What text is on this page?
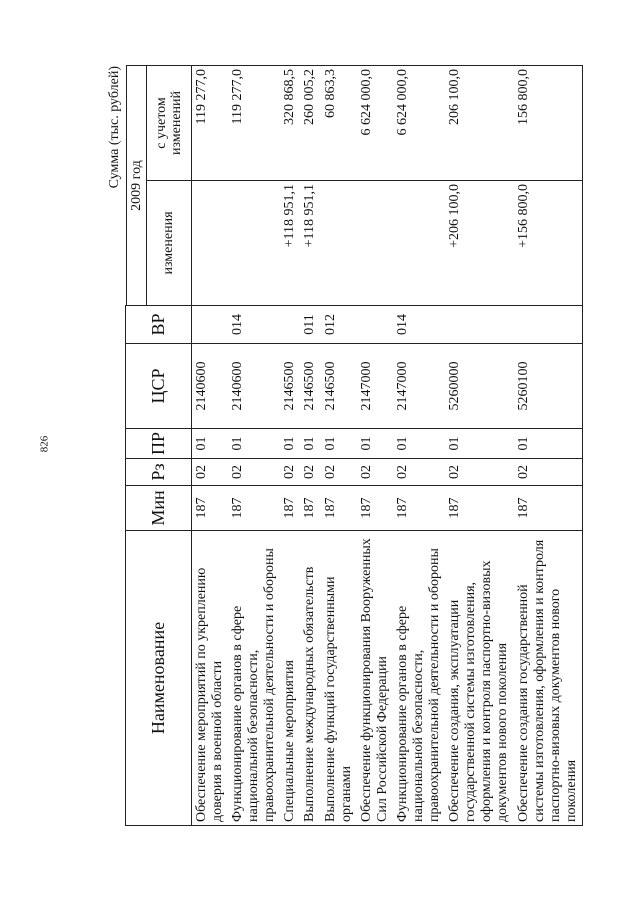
826
Сумма (тыс. рублей)
Наименование	Мин	Рз	ПР	ЦСР	ВР		
						2009 год	
						изменения	с учетом изменений
Обеспечение мероприятий по укреплению доверия в военной области	187	02	01	2140600			119 277,0
Функционирование органов в сфере национальной безопасности, правоохранительной деятельности и обороны	187	02	01	2140600	014		119 277,0
Специальные мероприятия	187	02	01	2146500		+118 951,1	320 868,5
Выполнение международных обязательств	187	02	01	2146500	011	+118 951,1	260 005,2
Выполнение функций государственными органами	187	02	01	2146500	012		60 863,3
Обеспечение функционирования Вооруженных Сил Российской Федерации	187	02	01	2147000			6 624 000,0
Функционирование органов в сфере национальной безопасности, правоохранительной деятельности и обороны	187	02	01	2147000	014		6 624 000,0
Обеспечение создания, эксплуатации государственной системы изготовления, оформления и контроля паспортно-визовых документов нового поколения	187	02	01	5260000		+206 100,0	206 100,0
Обеспечение создания государственной системы изготовления, оформления и контроля паспортно-визовых документов нового поколения	187	02	01	5260100		+156 800,0	156 800,0
